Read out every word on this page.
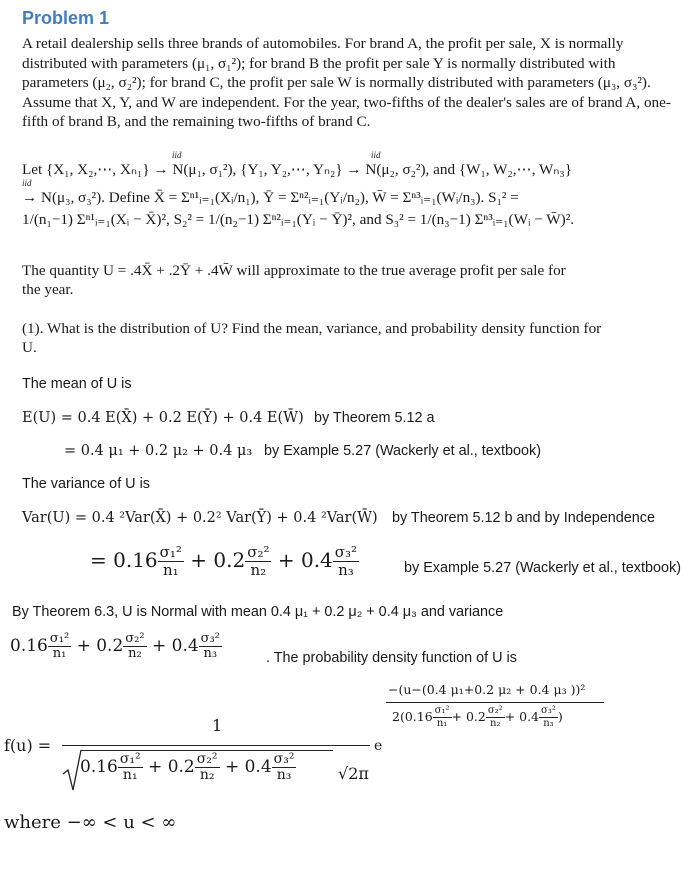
Problem 1
A retail dealership sells three brands of automobiles. For brand A, the profit per sale, X is normally distributed with parameters (μ₁, σ₁²); for brand B the profit per sale Y is normally distributed with parameters (μ₂, σ₂²); for brand C, the profit per sale W is normally distributed with parameters (μ₃, σ₃²). Assume that X, Y, and W are independent. For the year, two-fifths of the dealer's sales are of brand A, one-fifth of brand B, and the remaining two-fifths of brand C.
Let {X₁, X₂,⋯, Xₙ₁} → N(μ₁, σ₁²), {Y₁, Y₂,⋯, Yₙ₂} → N(μ₂, σ₂²), and {W₁, W₂,⋯, Wₙ₃}
iid	iid
iid
→ N(μ₃, σ₃²). Define X̄ = Σⁿ¹ᵢ₌₁(Xᵢ/n₁), Ȳ = Σⁿ²ᵢ₌₁(Yᵢ/n₂), W̄ = Σⁿ³ᵢ₌₁(Wᵢ/n₃). S₁² =
1/(n₁−1) Σⁿ¹ᵢ₌₁(Xᵢ − X̄)², S₂² = 1/(n₂−1) Σⁿ²ᵢ₌₁(Yᵢ − Ȳ)², and S₃² = 1/(n₃−1) Σⁿ³ᵢ₌₁(Wᵢ − W̄)².
The quantity U = .4X̄ + .2Ȳ + .4W̄ will approximate to the true average profit per sale for
the year.
(1). What is the distribution of U? Find the mean, variance, and probability density function for
U.
The mean of U is
E(U) = 0.4 E(X̄) + 0.2 E(Ȳ) + 0.4 E(W̄) by Theorem 5.12 a
= 0.4 μ₁ + 0.2 μ₂ + 0.4 μ₃ by Example 5.27 (Wackerly et al., textbook)
The variance of U is
Var(U) = 0.4 ²Var(X̄) + 0.2² Var(Ȳ) + 0.4 ²Var(W̄) by Theorem 5.12 b and by Independence
= $0.16 \frac{\text{σ₁²}}{\text{n₁}} + 0.2 \frac{\text{σ₂²}}{\text{n₂}} + 0.4 \frac{\text{σ₃²}}{\text{n₃}}$	by Example 5.27 (Wackerly et al., textbook)
By Theorem 6.3, U is Normal with mean 0.4 μ₁ + 0.2 μ₂ + 0.4 μ₃ and variance
$0.16 \frac{\text{σ₁²}}{\text{n₁}} + 0.2 \frac{\text{σ₂²}}{\text{n₂}} + 0.4 \frac{\text{σ₃²}}{\text{n₃}}$	. The probability density function of U is
f(u) =
1
$0.16 \frac{\text{σ₁²}}{\text{n₁}} + 0.2 \frac{\text{σ₂²}}{\text{n₂}} + 0.4 \frac{\text{σ₃²}}{\text{n₃}}$	√2π
e
−(u−(0.4 μ₁+0.2 μ₂ + 0.4 μ₃ ))²
$2(0.16 \frac{\text{σ₁²}}{\text{n₁}} + 0.2 \frac{\text{σ₂²}}{\text{n₂}} + 0.4 \frac{\text{σ₃²}}{\text{n₃}}$ )
where −∞ < u < ∞
